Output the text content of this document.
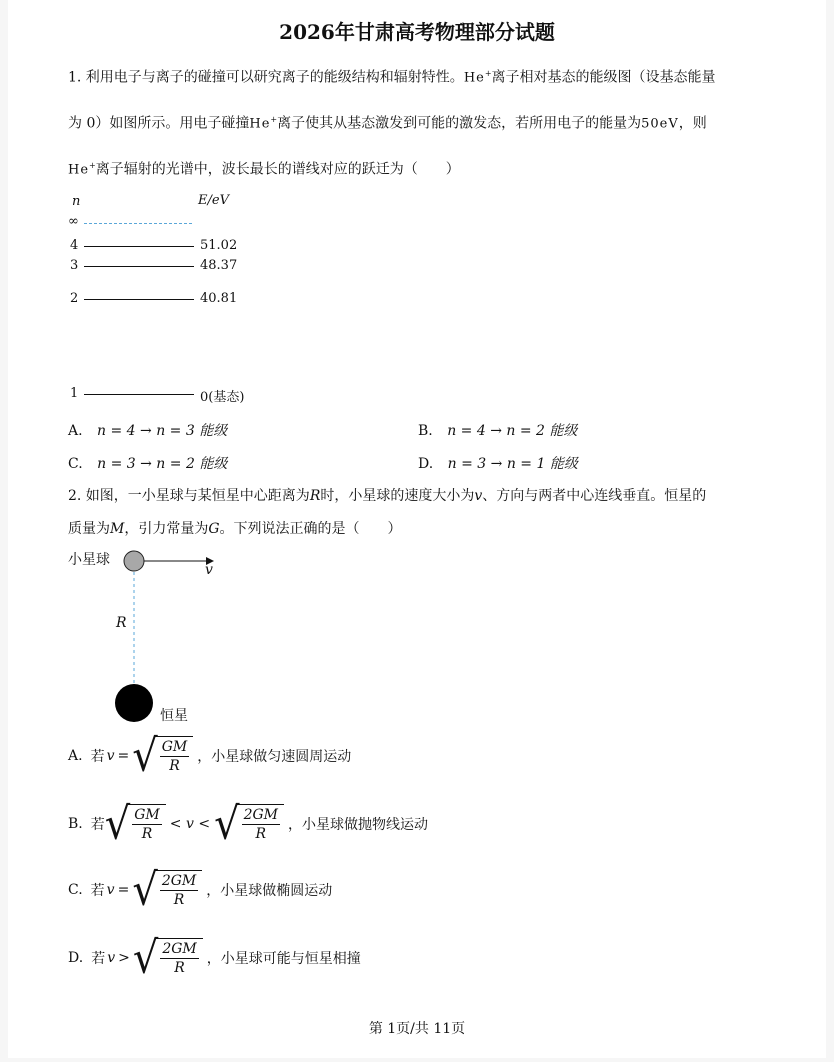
2026年甘肃高考物理部分试题
1. 利用电子与离子的碰撞可以研究离子的能级结构和辐射特性。He+离子相对基态的能级图（设基态能量
为 0）如图所示。用电子碰撞He+离子使其从基态激发到可能的激发态，若所用电子的能量为50eV，则
He+离子辐射的光谱中，波长最长的谱线对应的跃迁为（　　）
n	E/eV
∞
4	51.02
3	48.37
2	40.81
1	0(基态)
A. n = 4 → n = 3 能级	B. n = 4 → n = 2 能级
C. n = 3 → n = 2 能级	D. n = 3 → n = 1 能级
2. 如图，一小星球与某恒星中心距离为R时，小星球的速度大小为v、方向与两者中心连线垂直。恒星的
质量为M，引力常量为G。下列说法正确的是（　　）
小星球
v
R
恒星
A. 若 v = √
$\frac{GM}{R}$ ，小星球做匀速圆周运动
B. 若 √
$\frac{GM}{R} < v$ < √
$\frac{2GM}{R}$ ，小星球做抛物线运动
C. 若 v = √
$\frac{2GM}{R}$ ，小星球做椭圆运动
D. 若 v > √
$\frac{2GM}{R}$ ，小星球可能与恒星相撞
第 1页/共 11页
